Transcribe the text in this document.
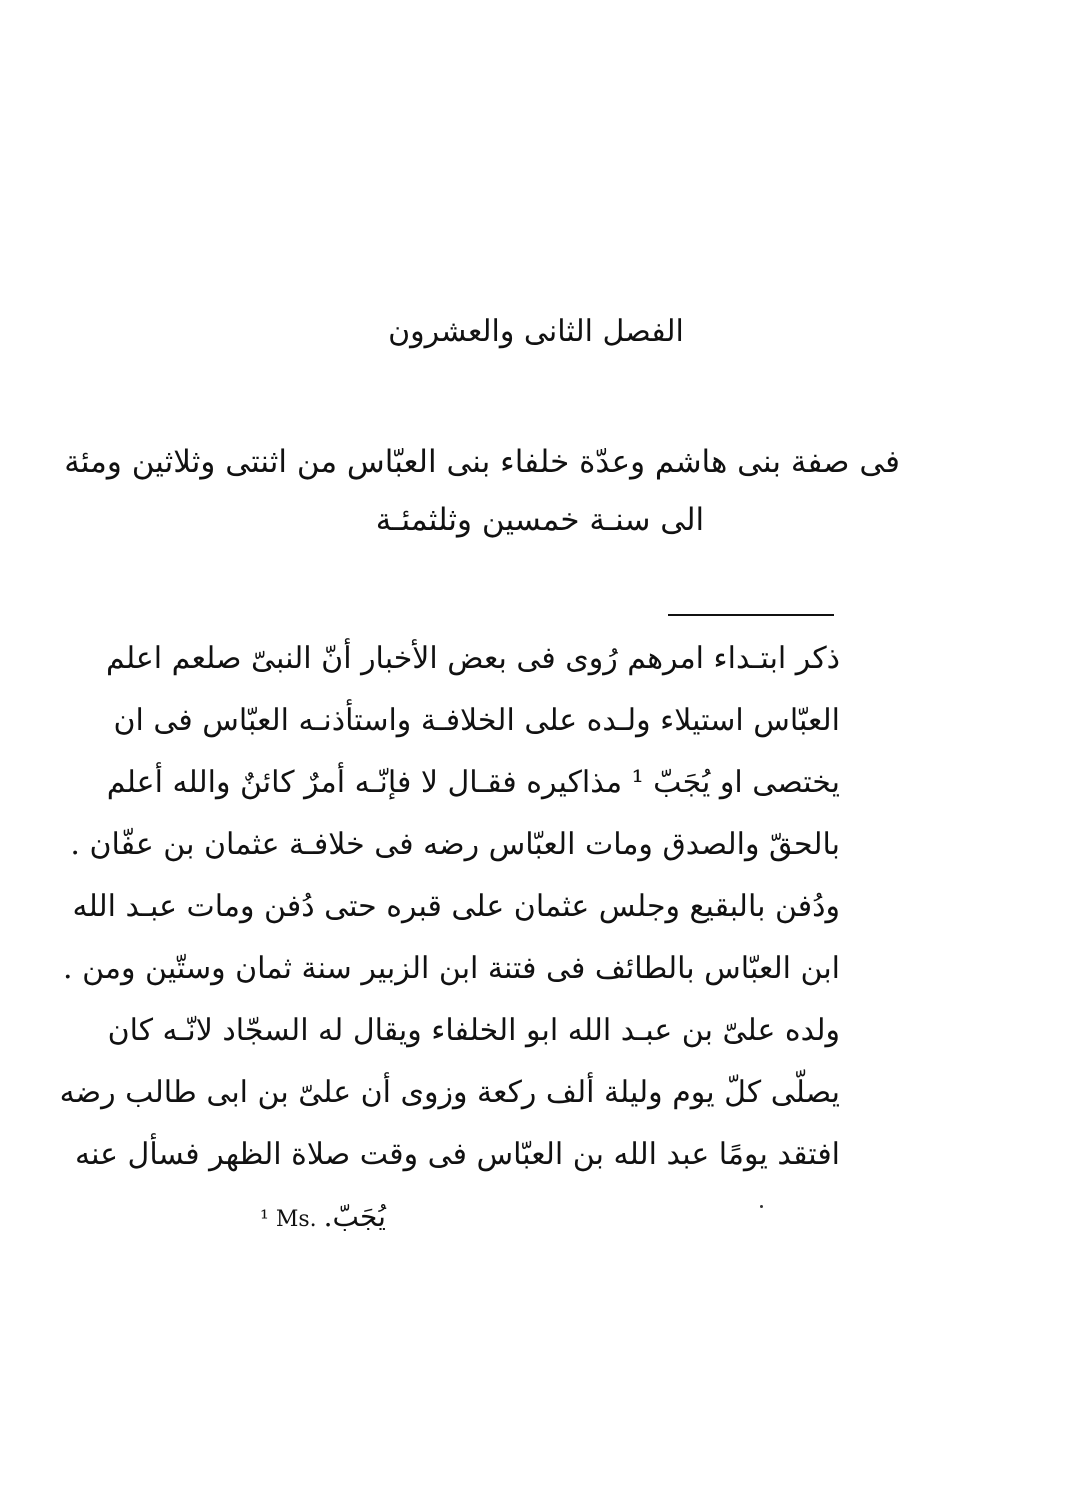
الفصل الثانى والعشرون
فى صفة بنى هاشم وعدّة خلفاء بنى العبّاس من اثنتى وثلاثين ومئة
الى سنـة خمسين وثلثمئـة
ذكر ابتـداء امرهم رُوى فى بعض الأخبار أنّ النبىّ صلعم اعلم
العبّاس استيلاء ولـده على الخلافـة واستأذنـه العبّاس فى ان
يختصى او يُجَبّ ¹ مذاكيره فقـال لا فإنّـه أمرٌ كائنٌ والله أعلم
بالحقّ والصدق ومات العبّاس رضه فى خلافـة عثمان بن عفّان .
ودُفن بالبقيع وجلس عثمان على قبره حتى دُفن ومات عبـد الله
ابن العبّاس بالطائف فى فتنة ابن الزبير سنة ثمان وستّين ومن .
ولده علىّ بن عبـد الله ابو الخلفاء ويقال له السجّاد لانّـه كان
يصلّى كلّ يوم وليلة ألف ركعة وزوى أن علىّ بن ابى طالب رضه
افتقد يومًا عبد الله بن العبّاس فى وقت صلاة الظهر فسأل عنه
¹ Ms. يُجَبّ.
